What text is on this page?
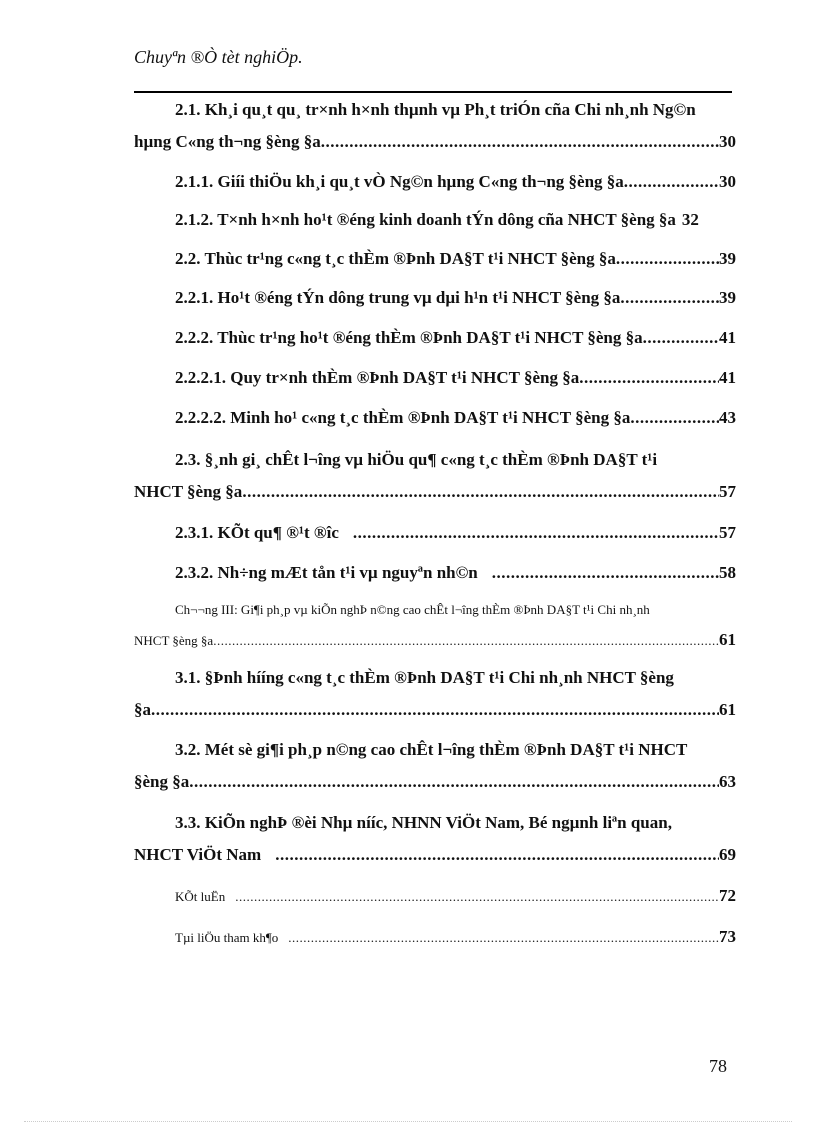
Chuyªn ®Ò tèt nghiÖp.
2.1. Kh¸i qu¸t qu¸ tr×nh h×nh thµnh vµ Ph¸t triÓn cña Chi nh¸nh Ng©n
hµng C«ng th¬ng §èng §a .....	30
2.1.1. Giíi thiÖu kh¸i qu¸t vÒ Ng©n hµng C«ng th¬ng §èng §a .....	30
2.1.2. T×nh h×nh ho¹t ®éng kinh doanh tÝn dông cña NHCT §èng §a 32
2.2. Thùc tr¹ng c«ng t¸c thÈm ®Þnh DA§T t¹i NHCT §èng §a .....	39
2.2.1. Ho¹t ®éng tÝn dông trung vµ dµi h¹n t¹i NHCT §èng §a .....	39
2.2.2. Thùc tr¹ng ho¹t ®éng thÈm ®Þnh DA§T t¹i NHCT §èng §a .....	41
2.2.2.1. Quy tr×nh thÈm ®Þnh DA§T t¹i NHCT §èng §a .....	41
2.2.2.2. Minh ho¹ c«ng t¸c thÈm ®Þnh DA§T t¹i NHCT §èng §a .....	43
2.3. §¸nh gi¸ chÊt l¬îng vµ hiÖu qu¶ c«ng t¸c thÈm ®Þnh DA§T t¹i
NHCT §èng §a .....	57
2.3.1. KÕt qu¶ ®¹t ®îc .....	57
2.3.2. Nh÷ng mÆt tån t¹i vµ nguyªn nh©n .....	58
Ch¬¬ng III: Gi¶i ph¸p vµ kiÕn nghÞ n©ng cao chÊt l¬îng thÈm ®Þnh DA§T t¹i Chi nh¸nh
NHCT §èng §a .....	61
3.1. §Þnh hííng c«ng t¸c thÈm ®Þnh DA§T t¹i Chi nh¸nh NHCT §èng
§a .....	61
3.2. Mét sè gi¶i ph¸p n©ng cao chÊt l¬îng thÈm ®Þnh DA§T t¹i NHCT
§èng §a .....	63
3.3. KiÕn nghÞ ®èi Nhµ nííc, NHNN ViÖt Nam, Bé ngµnh liªn quan,
NHCT ViÖt Nam .....	69
KÕt luËn .....	72
Tµi liÖu tham kh¶o .....	73
78
